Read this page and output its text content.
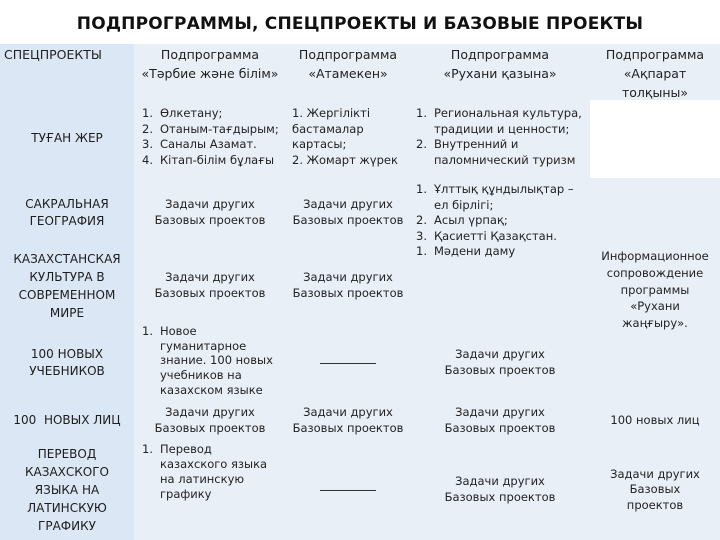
ПОДПРОГРАММЫ, СПЕЦПРОЕКТЫ И БАЗОВЫЕ ПРОЕКТЫ
СПЕЦПРОЕКТЫ	Подпрограмма
«Тәрбие және білім»
Подпрограмма
«Атамекен»
Подпрограмма
«Рухани қазына»
Подпрограмма
«Ақпарат
толқыны»
ТУҒАН ЖЕР
1. Өлкетану;
2. Отаным-тағдырым;
3. Саналы Азамат.
4. Кітап-білім бұлағы
1. Жергілікті
бастамалар
картасы;
2. Жомарт жүрек
1. Региональная культура, традиции и ценности;
2. Внутренний и паломнический туризм
САКРАЛЬНАЯ
ГЕОГРАФИЯ
Задачи других Базовых проектов
Задачи других Базовых проектов
1. Ұлттық құндылықтар – ел бірлігі;
2. Асыл үрпақ;
3. Қасиетті Қазақстан.
1. Мәдени даму	Информационное сопровождение программы «Рухани жаңғыру».
КАЗАХСТАНСКАЯ
КУЛЬТУРА В
СОВРЕМЕННОМ
МИРЕ
Задачи других Базовых проектов
Задачи других Базовых проектов
100 НОВЫХ
УЧЕБНИКОВ
1. Новое гуманитарное знание. 100 новых учебников на казахском языке
Задачи других Базовых проектов
100  НОВЫХ ЛИЦ
Задачи других Базовых проектов
Задачи других Базовых проектов
Задачи других Базовых проектов
100 новых лиц
ПЕРЕВОД
КАЗАХСКОГО
ЯЗЫКА НА
ЛАТИНСКУЮ
ГРАФИКУ
1. Перевод казахского языка на латинскую графику
Задачи других Базовых проектов
Задачи других Базовых проектов
